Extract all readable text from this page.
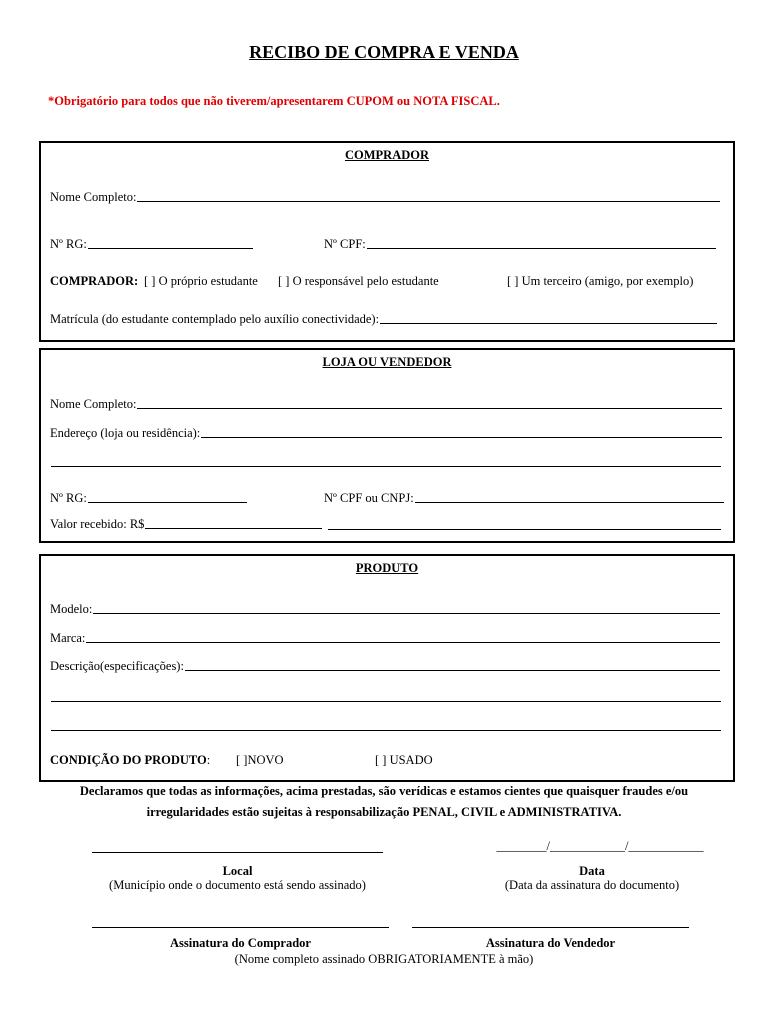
RECIBO DE COMPRA E VENDA
*Obrigatório para todos que não tiverem/apresentarem CUPOM ou NOTA FISCAL.
COMPRADOR
Nome Completo:
Nº RG:	Nº CPF:
COMPRADOR: [ ] O próprio estudante [ ] O responsável pelo estudante	[ ] Um terceiro (amigo, por exemplo)
Matrícula (do estudante contemplado pelo auxílio conectividade):
LOJA OU VENDEDOR
Nome Completo:
Endereço (loja ou residência):
Nº RG:	Nº CPF ou CNPJ:
Valor recebido: R$
PRODUTO
Modelo:
Marca:
Descrição(especificações):
CONDIÇÃO DO PRODUTO: [ ]NOVO	[ ] USADO
Declaramos que todas as informações, acima prestadas, são verídicas e estamos cientes que quaisquer fraudes e/ou
irregularidades estão sujeitas à responsabilização PENAL, CIVIL e ADMINISTRATIVA.
________/____________/____________
Local
(Município onde o documento está sendo assinado)
Data
(Data da assinatura do documento)
Assinatura do Comprador	Assinatura do Vendedor
(Nome completo assinado OBRIGATORIAMENTE à mão)
